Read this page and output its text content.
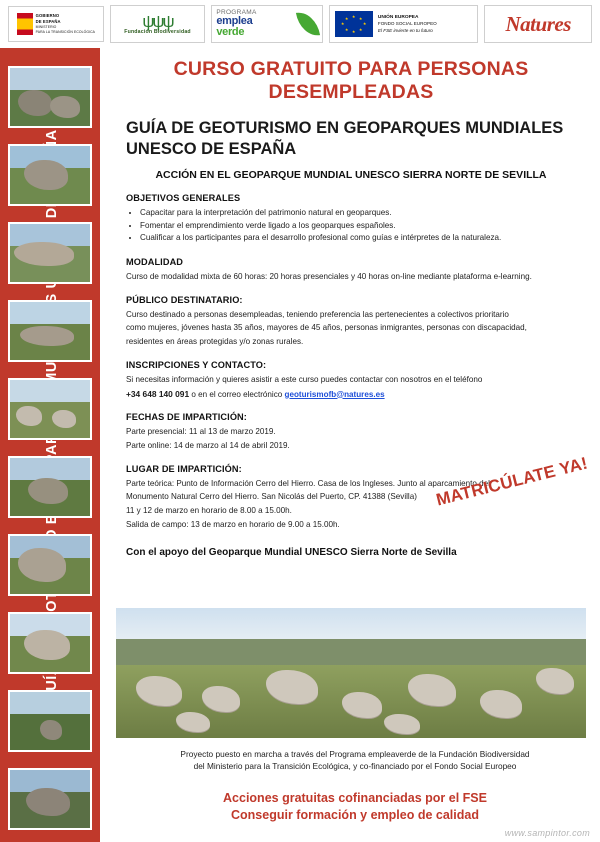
GOBIERNO
DE ESPAÑA
MINISTERIO
PARA LA TRANSICIÓN ECOLÓGICA
ψψψ
Fundación Biodiversidad
PROGRAMA
emplea
verde
★ ★
★
★
★
★
★
★	UNIÓN EUROPEA
FONDO SOCIAL EUROPEO
El FSE invierte en tu futuro	Natures
GUÍA GEOPARQUES DE
CURSO GRATUITO PARA PERSONAS DESEMPLEADAS
GUÍA DE GEOTURISMO EN GEOPARQUES MUNDIALES UNESCO DE ESPAÑA
ACCIÓN EN EL GEOPARQUE MUNDIAL UNESCO SIERRA NORTE DE SEVILLA
OBJETIVOS GENERALES
• Capacitar para la interpretación del patrimonio natural en geoparques.
• Fomentar el emprendimiento verde ligado a los geoparques españoles.
• Cualificar a los participantes para el desarrollo profesional como guías e intérpretes de la naturaleza.
MODALIDAD

Curso de modalidad mixta de 60 horas: 20 horas presenciales y 40 horas on-line mediante plataforma e-learning.

PÚBLICO DESTINATARIO:

Curso destinado a personas desempleadas, teniendo preferencia las pertenecientes a colectivos prioritario

como mujeres, jóvenes hasta 35 años, mayores de 45 años, personas inmigrantes, personas con discapacidad,

residentes en áreas protegidas y/o zonas rurales.

INSCRIPCIONES Y CONTACTO:

Si necesitas información y quieres asistir a este curso puedes contactar con nosotros en el teléfono

+34 648 140 091 o en el correo electrónico geoturismofb@natures.es

FECHAS DE IMPARTICIÓN:

Parte presencial: 11 al 13 de marzo 2019.

Parte online: 14 de marzo al 14 de abril 2019.

LUGAR DE IMPARTICIÓN:

Parte teórica: Punto de Información Cerro del Hierro. Casa de los Ingleses. Junto al aparcamiento del

Monumento Natural Cerro del Hierro. San Nicolás del Puerto, CP. 41388 (Sevilla)

11 y 12 de marzo en horario de 8.00 a 15.00h.

Salida de campo: 13 de marzo en horario de 9.00 a 15.00h.

Con el apoyo del Geoparque Mundial UNESCO Sierra Norte de Sevilla
MATRICÚLATE YA!
Proyecto puesto en marcha a través del Programa empleaverde de la Fundación Biodiversidad
del Ministerio para la Transición Ecológica, y co-financiado por el Fondo Social Europeo
Acciones gratuitas cofinanciadas por el FSE
Conseguir formación y empleo de calidad
www.sampintor.com
